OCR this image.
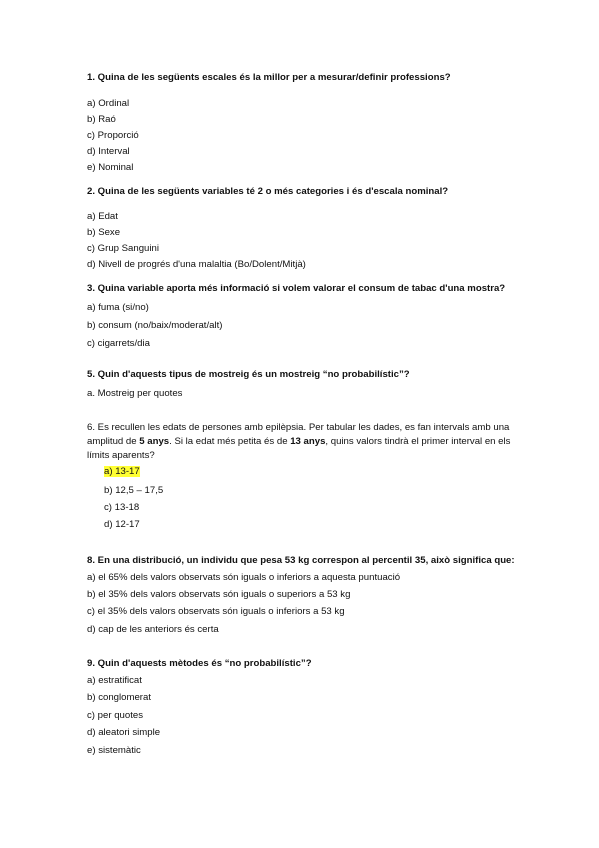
1. Quina de les següents escales és la millor per a mesurar/definir professions?
a) Ordinal
b) Raó
c) Proporció
d) Interval
e) Nominal
2. Quina de les següents variables té 2 o més categories i és d'escala nominal?
a) Edat
b) Sexe
c) Grup Sanguini
d) Nivell de progrés d'una malaltia (Bo/Dolent/Mitjà)
3. Quina variable aporta més informació si volem valorar el consum de tabac d'una mostra?
a) fuma (si/no)
b) consum (no/baix/moderat/alt)
c) cigarrets/dia
5. Quin d'aquests tipus de mostreig és un mostreig “no probabilístic”?
a. Mostreig per quotes
6. Es recullen les edats de persones amb epilèpsia. Per tabular les dades, es fan intervals amb una amplitud de 5 anys. Si la edat més petita és de 13 anys, quins valors tindrà el primer interval en els límits aparents?
a) 13-17
b) 12,5 – 17,5
c) 13-18
d) 12-17
8. En una distribució, un individu que pesa 53 kg correspon al percentil 35, això significa que:
a) el 65% dels valors observats són iguals o inferiors a aquesta puntuació
b) el 35% dels valors observats són iguals o superiors a 53 kg
c) el 35% dels valors observats són iguals o inferiors a 53 kg
d) cap de les anteriors és certa
9. Quin d'aquests mètodes és “no probabilístic”?
a) estratificat
b) conglomerat
c) per quotes
d) aleatori simple
e) sistemàtic
